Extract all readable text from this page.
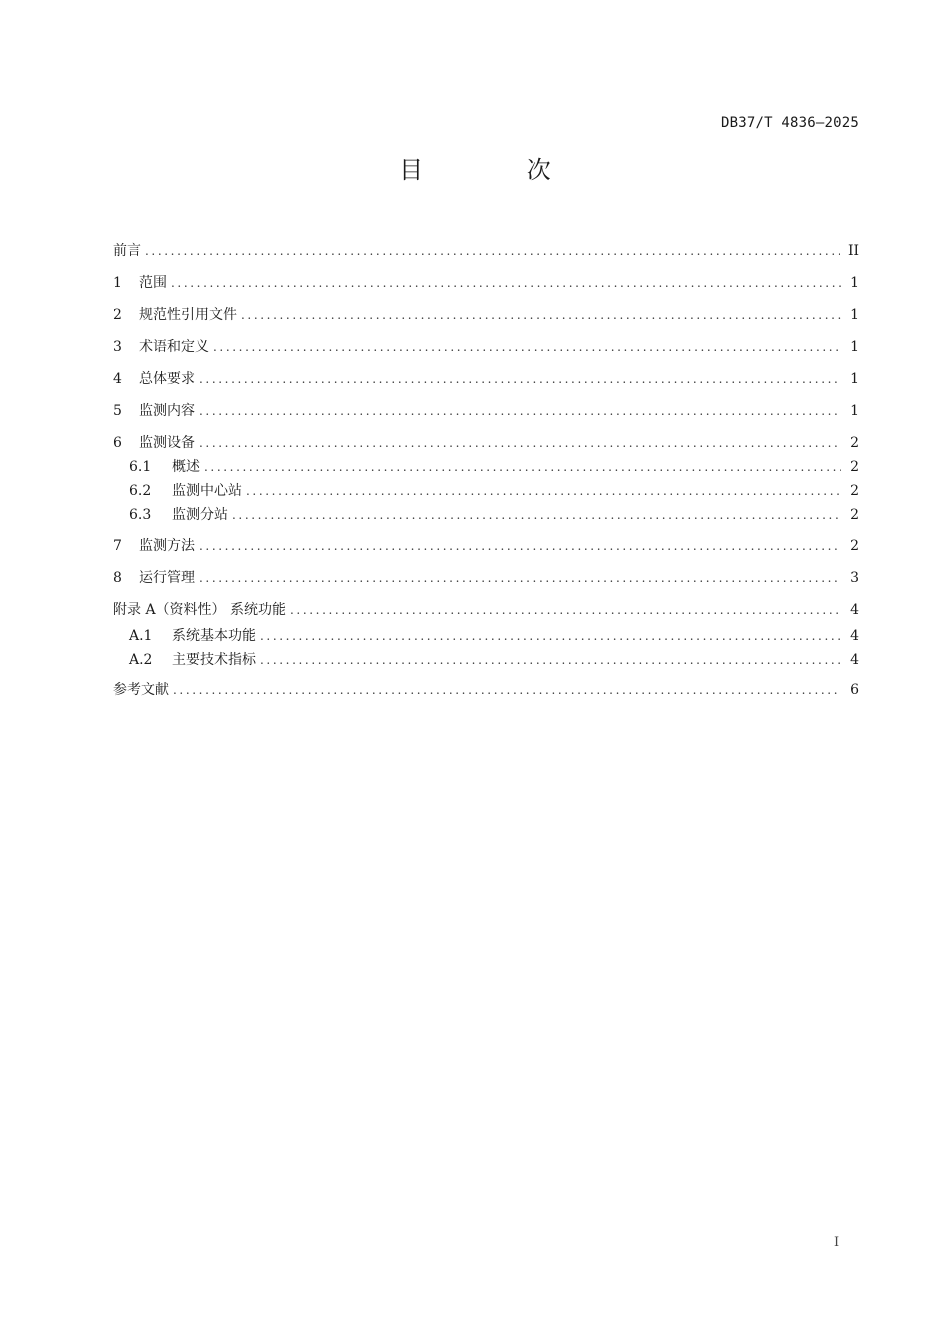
DB37/T 4836—2025
目 次
前言 .....	II
1	范围 .....	1
2	规范性引用文件 .....	1
3	术语和定义 .....	1
4	总体要求 .....	1
5	监测内容 .....	1
6	监测设备 .....	2
6.1	概述 .....	2
6.2	监测中心站 .....	2
6.3	监测分站 .....	2
7	监测方法 .....	2
8	运行管理 .....	3
附录 A（资料性） 系统功能 .....	4
A.1	系统基本功能 .....	4
A.2	主要技术指标 .....	4
参考文献 .....	6
I
